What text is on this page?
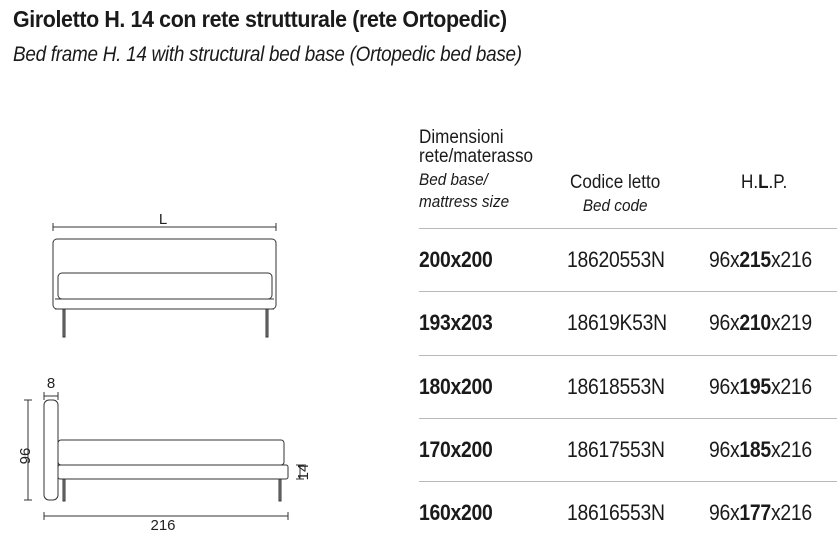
Giroletto H. 14 con rete strutturale (rete Ortopedic)
Bed frame H. 14 with structural bed base (Ortopedic bed base)
L
8
96
14
216
Dimensioni
rete/materasso
Bed base/
mattress size
Codice letto
Bed code
H.L.P.
200x200	18620553N 96x215x216
193x203	18619K53N 96x210x219
180x200	18618553N 96x195x216
170x200	18617553N 96x185x216
160x200	18616553N 96x177x216
